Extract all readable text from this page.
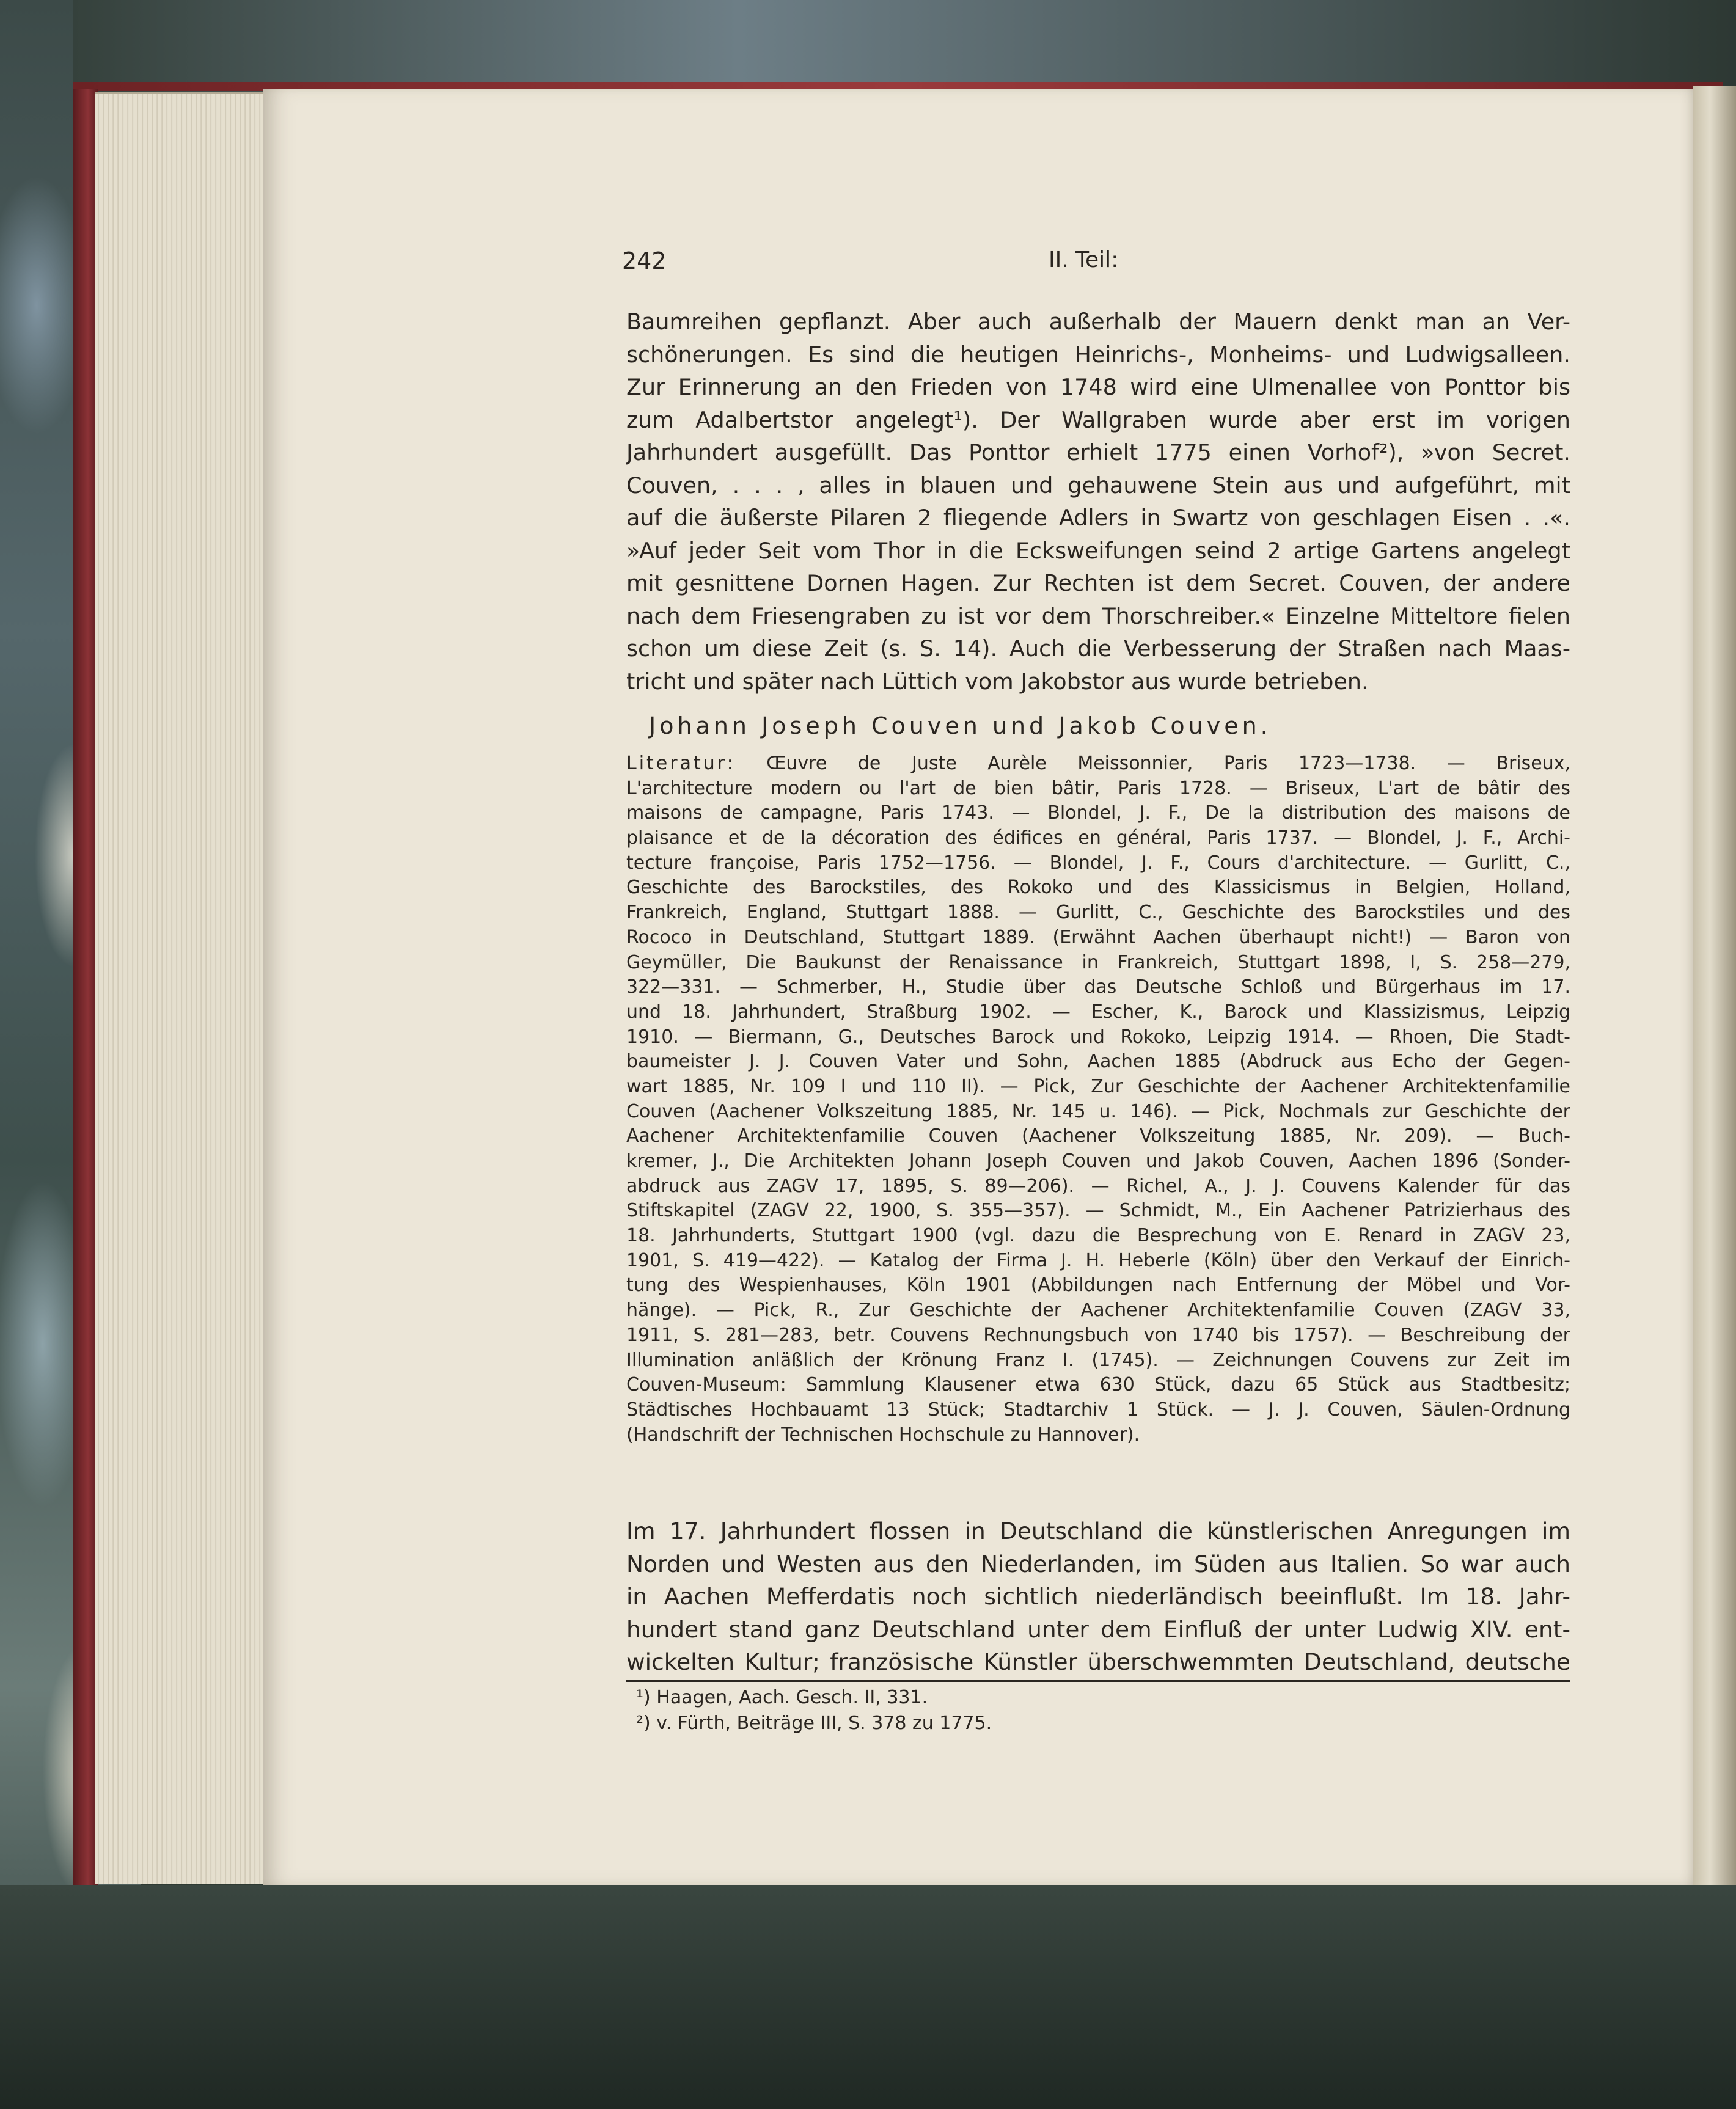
242	II. Teil:
Baumreihen gepflanzt. Aber auch außerhalb der Mauern denkt man an Ver-
schönerungen. Es sind die heutigen Heinrichs-, Monheims- und Ludwigsalleen.
Zur Erinnerung an den Frieden von 1748 wird eine Ulmenallee von Ponttor bis
zum Adalbertstor angelegt¹). Der Wallgraben wurde aber erst im vorigen
Jahrhundert ausgefüllt. Das Ponttor erhielt 1775 einen Vorhof²), »von Secret.
Couven, . . . , alles in blauen und gehauwene Stein aus und aufgeführt, mit
auf die äußerste Pilaren 2 fliegende Adlers in Swartz von geschlagen Eisen . .«.
»Auf jeder Seit vom Thor in die Ecksweifungen seind 2 artige Gartens angelegt
mit gesnittene Dornen Hagen. Zur Rechten ist dem Secret. Couven, der andere
nach dem Friesengraben zu ist vor dem Thorschreiber.« Einzelne Mitteltore fielen
schon um diese Zeit (s. S. 14). Auch die Verbesserung der Straßen nach Maas-
tricht und später nach Lüttich vom Jakobstor aus wurde betrieben.
Johann Joseph Couven und Jakob Couven.
Literatur: Œuvre de Juste Aurèle Meissonnier, Paris 1723—1738. — Briseux,
L'architecture modern ou l'art de bien bâtir, Paris 1728. — Briseux, L'art de bâtir des
maisons de campagne, Paris 1743. — Blondel, J. F., De la distribution des maisons de
plaisance et de la décoration des édifices en général, Paris 1737. — Blondel, J. F., Archi-
tecture françoise, Paris 1752—1756. — Blondel, J. F., Cours d'architecture. — Gurlitt, C.,
Geschichte des Barockstiles, des Rokoko und des Klassicismus in Belgien, Holland,
Frankreich, England, Stuttgart 1888. — Gurlitt, C., Geschichte des Barockstiles und des
Rococo in Deutschland, Stuttgart 1889. (Erwähnt Aachen überhaupt nicht!) — Baron von
Geymüller, Die Baukunst der Renaissance in Frankreich, Stuttgart 1898, I, S. 258—279,
322—331. — Schmerber, H., Studie über das Deutsche Schloß und Bürgerhaus im 17.
und 18. Jahrhundert, Straßburg 1902. — Escher, K., Barock und Klassizismus, Leipzig
1910. — Biermann, G., Deutsches Barock und Rokoko, Leipzig 1914. — Rhoen, Die Stadt-
baumeister J. J. Couven Vater und Sohn, Aachen 1885 (Abdruck aus Echo der Gegen-
wart 1885, Nr. 109 I und 110 II). — Pick, Zur Geschichte der Aachener Architektenfamilie
Couven (Aachener Volkszeitung 1885, Nr. 145 u. 146). — Pick, Nochmals zur Geschichte der
Aachener Architektenfamilie Couven (Aachener Volkszeitung 1885, Nr. 209). — Buch-
kremer, J., Die Architekten Johann Joseph Couven und Jakob Couven, Aachen 1896 (Sonder-
abdruck aus ZAGV 17, 1895, S. 89—206). — Richel, A., J. J. Couvens Kalender für das
Stiftskapitel (ZAGV 22, 1900, S. 355—357). — Schmidt, M., Ein Aachener Patrizierhaus des
18. Jahrhunderts, Stuttgart 1900 (vgl. dazu die Besprechung von E. Renard in ZAGV 23,
1901, S. 419—422). — Katalog der Firma J. H. Heberle (Köln) über den Verkauf der Einrich-
tung des Wespienhauses, Köln 1901 (Abbildungen nach Entfernung der Möbel und Vor-
hänge). — Pick, R., Zur Geschichte der Aachener Architektenfamilie Couven (ZAGV 33,
1911, S. 281—283, betr. Couvens Rechnungsbuch von 1740 bis 1757). — Beschreibung der
Illumination anläßlich der Krönung Franz I. (1745). — Zeichnungen Couvens zur Zeit im
Couven-Museum: Sammlung Klausener etwa 630 Stück, dazu 65 Stück aus Stadtbesitz;
Städtisches Hochbauamt 13 Stück; Stadtarchiv 1 Stück. — J. J. Couven, Säulen-Ordnung
(Handschrift der Technischen Hochschule zu Hannover).
Im 17. Jahrhundert flossen in Deutschland die künstlerischen Anregungen im
Norden und Westen aus den Niederlanden, im Süden aus Italien. So war auch
in Aachen Mefferdatis noch sichtlich niederländisch beeinflußt. Im 18. Jahr-
hundert stand ganz Deutschland unter dem Einfluß der unter Ludwig XIV. ent-
wickelten Kultur; französische Künstler überschwemmten Deutschland, deutsche
¹) Haagen, Aach. Gesch. II, 331.
²) v. Fürth, Beiträge III, S. 378 zu 1775.
